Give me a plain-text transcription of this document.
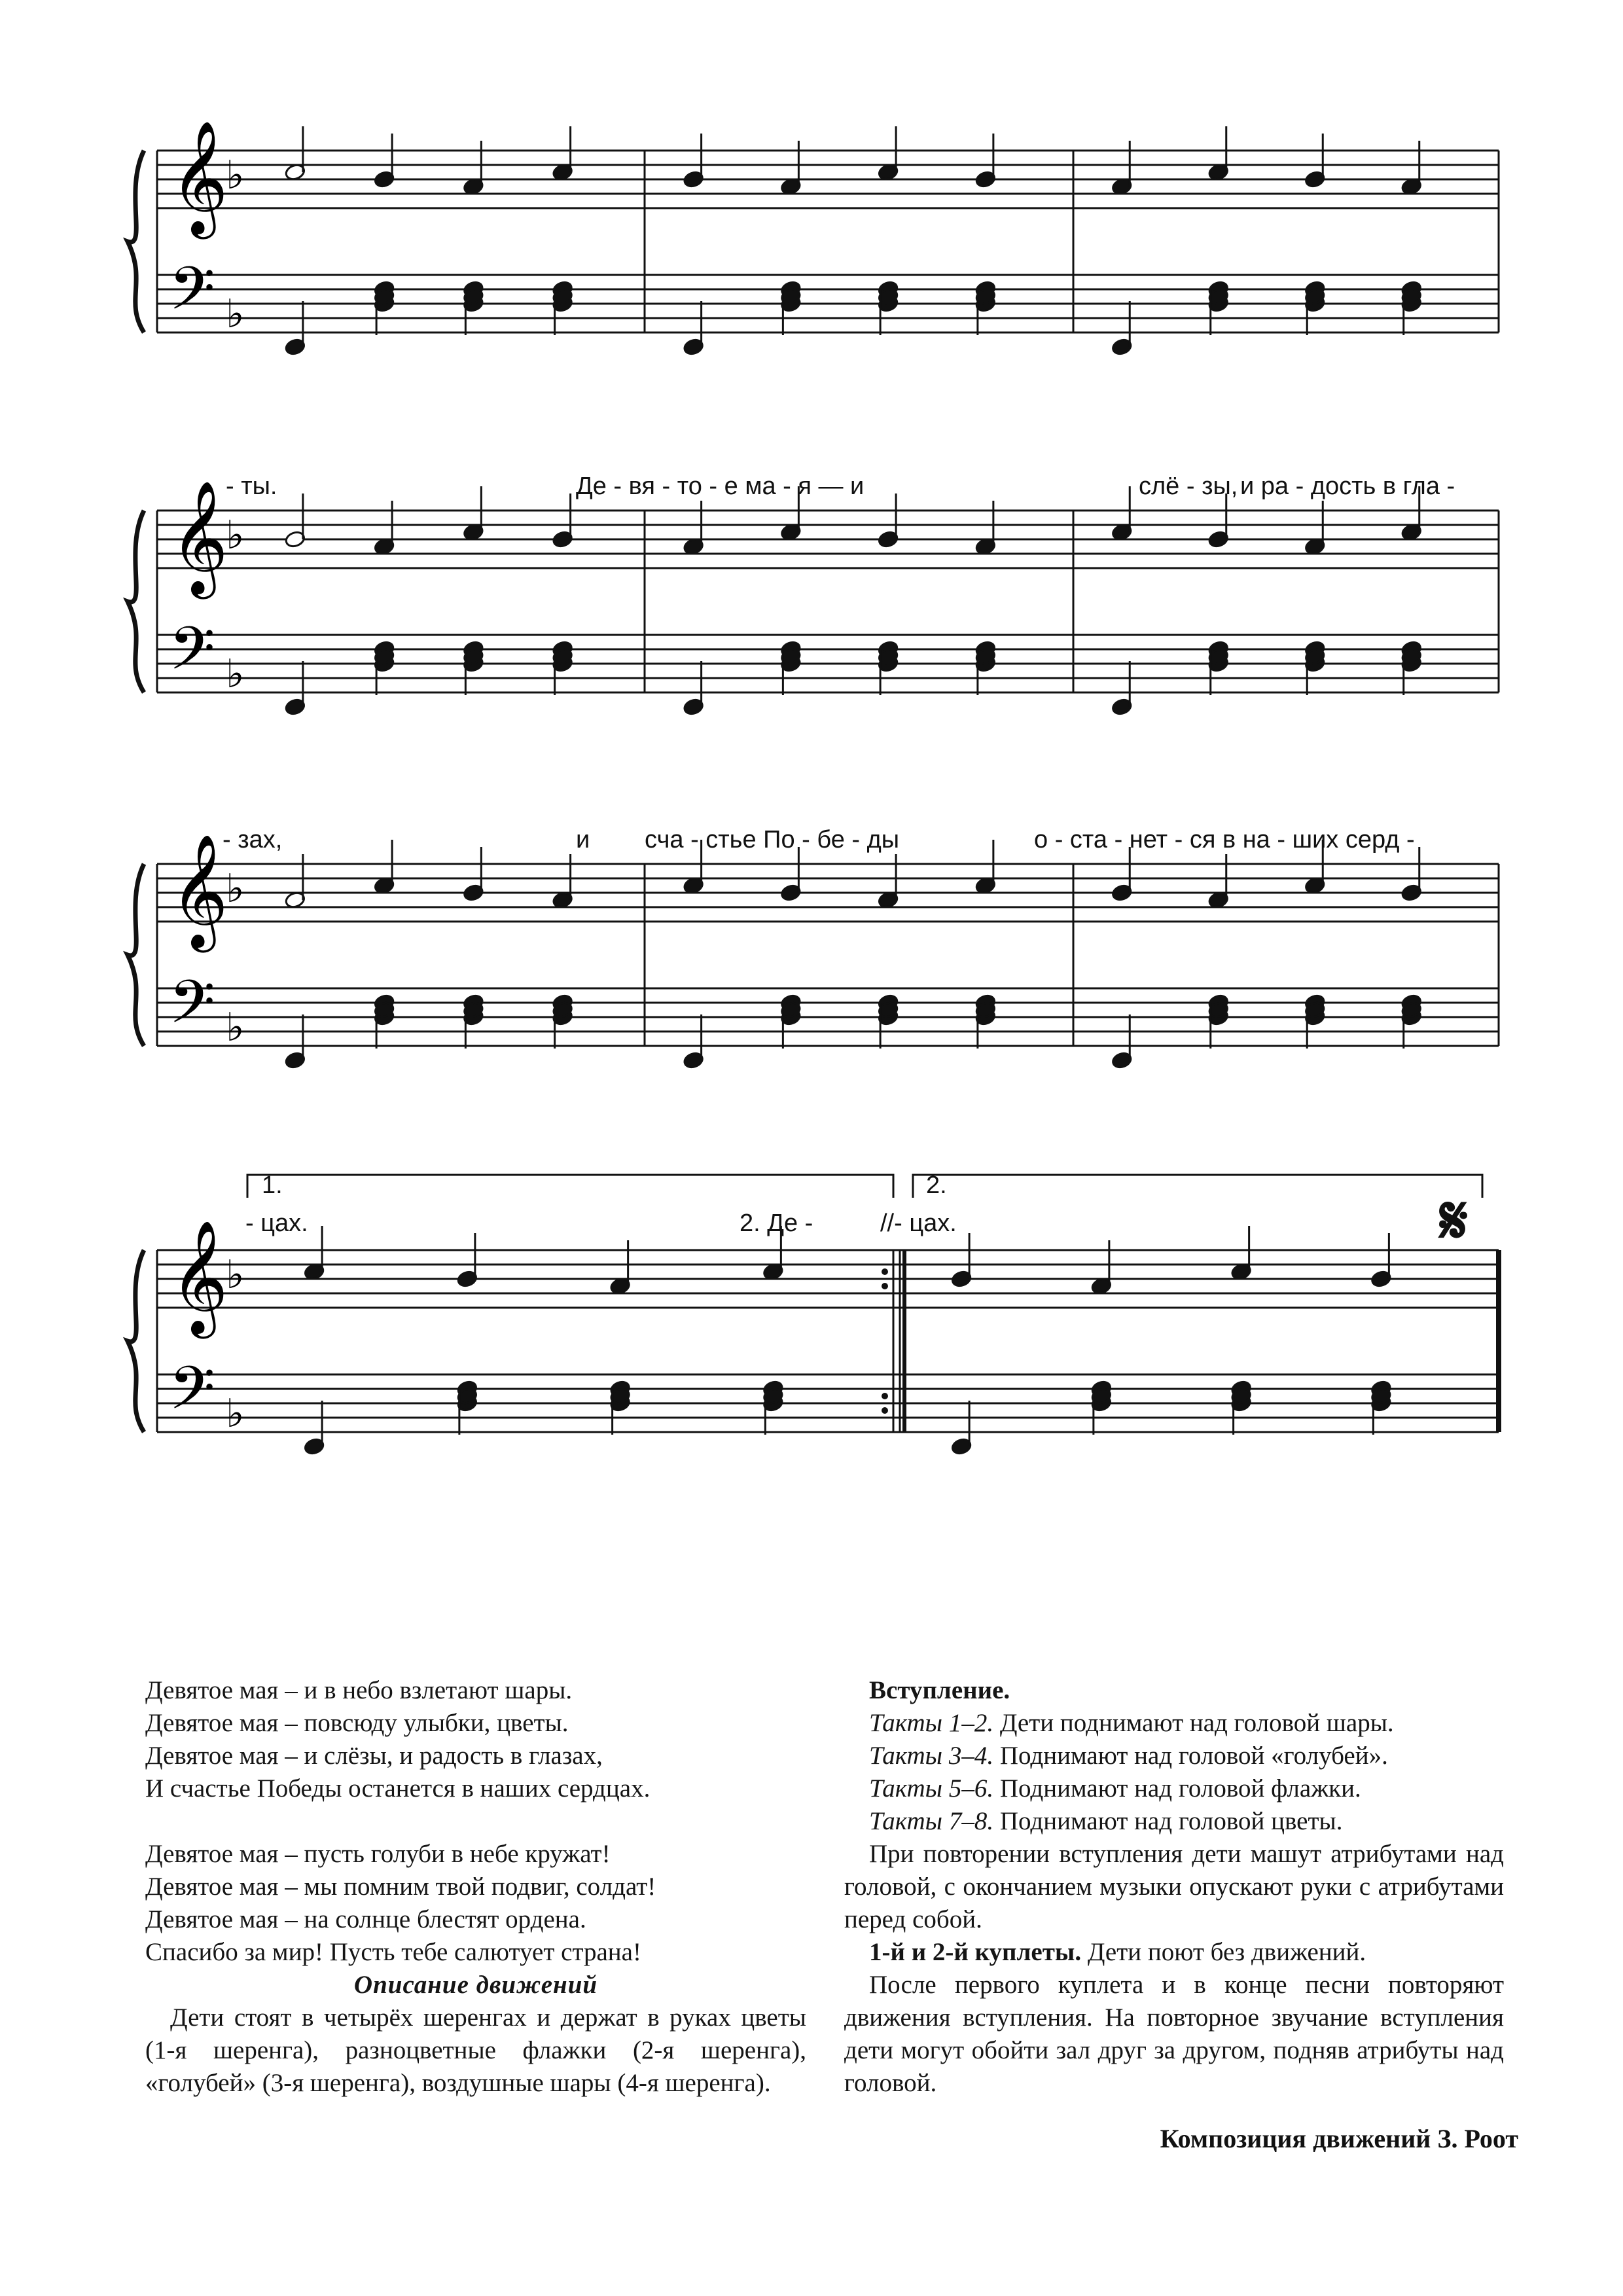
𝄞
𝄢
♭
♭
𝄞
𝄢
♭
♭
𝄞
𝄢
♭
♭
𝄞
𝄢
♭
♭
- ты.	Де - вя - то - е ма - я — и	слё - зы, и ра - дость в гла -
- зах,	и сча - стье По - бе - ды	о - ста - нет - ся в на - ших серд -
1.	2.
- цах.	2. Де -	//- цах.	𝄋

Девятое мая – и в небо взлетают шары.

Девятое мая – повсюду улыбки, цветы.

Девятое мая – и слёзы, и радость в глазах,

И счастье Победы останется в наших сердцах.

Девятое мая – пусть голуби в небе кружат!

Девятое мая – мы помним твой подвиг, солдат!

Девятое мая – на солнце блестят ордена.

Спасибо за мир! Пусть тебе салютует страна!

Описание движений

Дети стоят в четырёх шеренгах и держат в руках цветы (1-я шеренга), разноцветные флажки (2-я шеренга), «голубей» (3-я шеренга), воздушные шары (4-я шеренга).

Вступление.

Такты 1–2. Дети поднимают над головой шары.

Такты 3–4. Поднимают над головой «голубей».

Такты 5–6. Поднимают над головой флажки.

Такты 7–8. Поднимают над головой цветы.

При повторении вступления дети машут атрибутами над головой, с окончанием музыки опускают руки с атрибутами перед собой.

1-й и 2-й куплеты. Дети поют без движений.

После первого куплета и в конце песни повторяют движения вступления. На повторное звучание вступления дети могут обойти зал друг за другом, подняв атрибуты над головой.

Композиция движений З. Роот
